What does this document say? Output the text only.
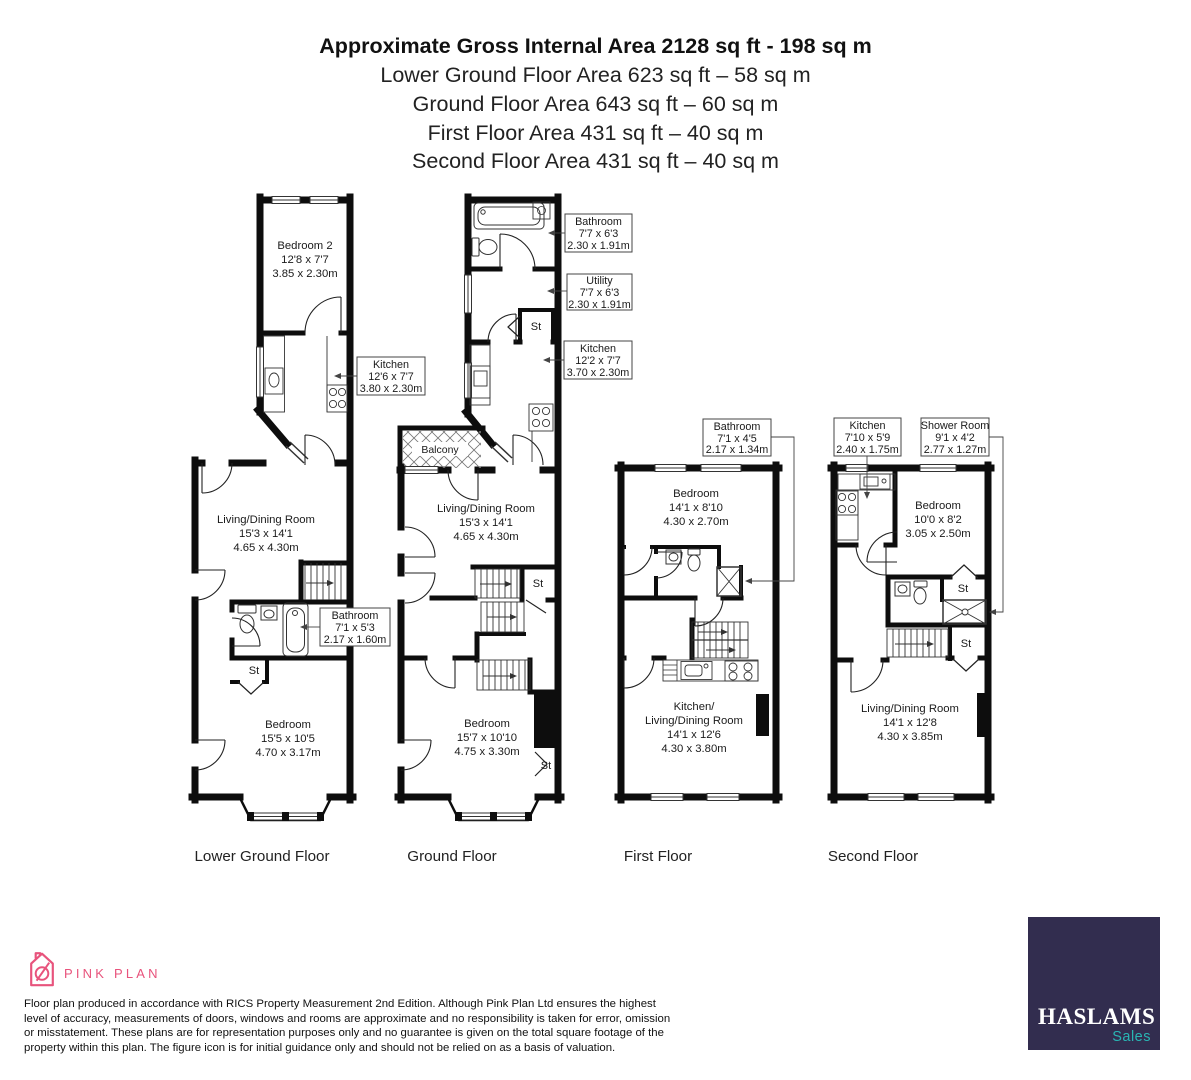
Approximate Gross Internal Area 2128 sq ft - 198 sq m
Lower Ground Floor Area 623 sq ft – 58 sq m
Ground Floor Area 643 sq ft – 60 sq m
First Floor Area 431 sq ft – 40 sq m
Second Floor Area 431 sq ft – 40 sq m
Bedroom 2
12'8 x 7'7
3.85 x 2.30m
Living/Dining Room
15'3 x 14'1
4.65 x 4.30m
Bedroom
15'5 x 10'5
4.70 x 3.17m
St
Kitchen
12'6 x 7'7
3.80 x 2.30m
Bathroom
7'1 x 5'3
2.17 x 1.60m
Lower Ground Floor
Balcony
Living/Dining Room
15'3 x 14'1
4.65 x 4.30m
Bedroom
15'7 x 10'10
4.75 x 3.30m
St
St
St
Bathroom
7'7 x 6'3
2.30 x 1.91m
Utility
7'7 x 6'3
2.30 x 1.91m
Kitchen
12'2 x 7'7
3.70 x 2.30m
Ground Floor
Bedroom
14'1 x 8'10
4.30 x 2.70m
Kitchen/
Living/Dining Room
14'1 x 12'6
4.30 x 3.80m
Bathroom
7'1 x 4'5
2.17 x 1.34m
First Floor
Bedroom
10'0 x 8'2
3.05 x 2.50m
Living/Dining Room
14'1 x 12'8
4.30 x 3.85m
St
St
Kitchen
7'10 x 5'9
2.40 x 1.75m
Shower Room
9'1 x 4'2
2.77 x 1.27m
Second Floor
PINK PLAN
Floor plan produced in accordance with RICS Property Measurement 2nd Edition. Although Pink Plan Ltd ensures the highest
level of accuracy, measurements of doors, windows and rooms are approximate and no responsibility is taken for error, omission
or misstatement. These plans are for representation purposes only and no guarantee is given on the total square footage of the
property within this plan. The figure icon is for initial guidance only and should not be relied on as a basis of valuation.
HASLAMS
Sales
